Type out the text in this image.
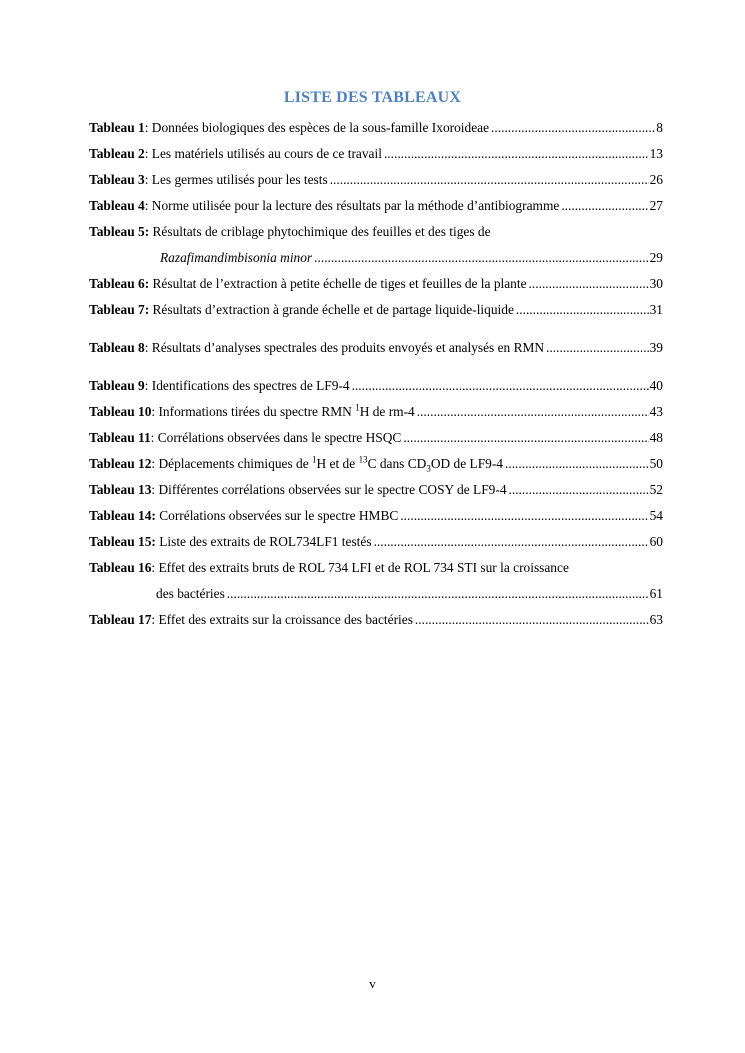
LISTE DES TABLEAUX
Tableau 1: Données biologiques des espèces de la sous-famille Ixoroideae .....	8
Tableau 2: Les matériels utilisés au cours de ce travail .....	13
Tableau 3: Les germes utilisés pour les tests .....	26
Tableau 4: Norme utilisée pour la lecture des résultats par la méthode d’antibiogramme .....	27
Tableau 5: Résultats de criblage phytochimique des feuilles et des tiges de
Razafimandimbisonia minor .....	29
Tableau 6: Résultat de l’extraction à petite échelle de tiges et feuilles de la plante .....	30
Tableau 7: Résultats d’extraction à grande échelle et de partage liquide-liquide .....	31
Tableau 8: Résultats d’analyses spectrales des produits envoyés et analysés en RMN .....	39
Tableau 9: Identifications des spectres de LF9-4 .....	40
Tableau 10: Informations tirées du spectre RMN $^1$H de rm-4 .....	43
Tableau 11: Corrélations observées dans le spectre HSQC .....	48
Tableau 12: Déplacements chimiques de $^1$H et de $^{13}$C dans $CD_3OD$ de LF9-4 .....	50
Tableau 13: Différentes corrélations observées sur le spectre COSY de LF9-4 .....	52
Tableau 14: Corrélations observées sur le spectre HMBC .....	54
Tableau 15: Liste des extraits de ROL734LF1 testés .....	60
Tableau 16: Effet des extraits bruts de ROL 734 LFI et de ROL 734 STI sur la croissance
des bactéries .....	61
Tableau 17: Effet des extraits sur la croissance des bactéries .....	63
v
